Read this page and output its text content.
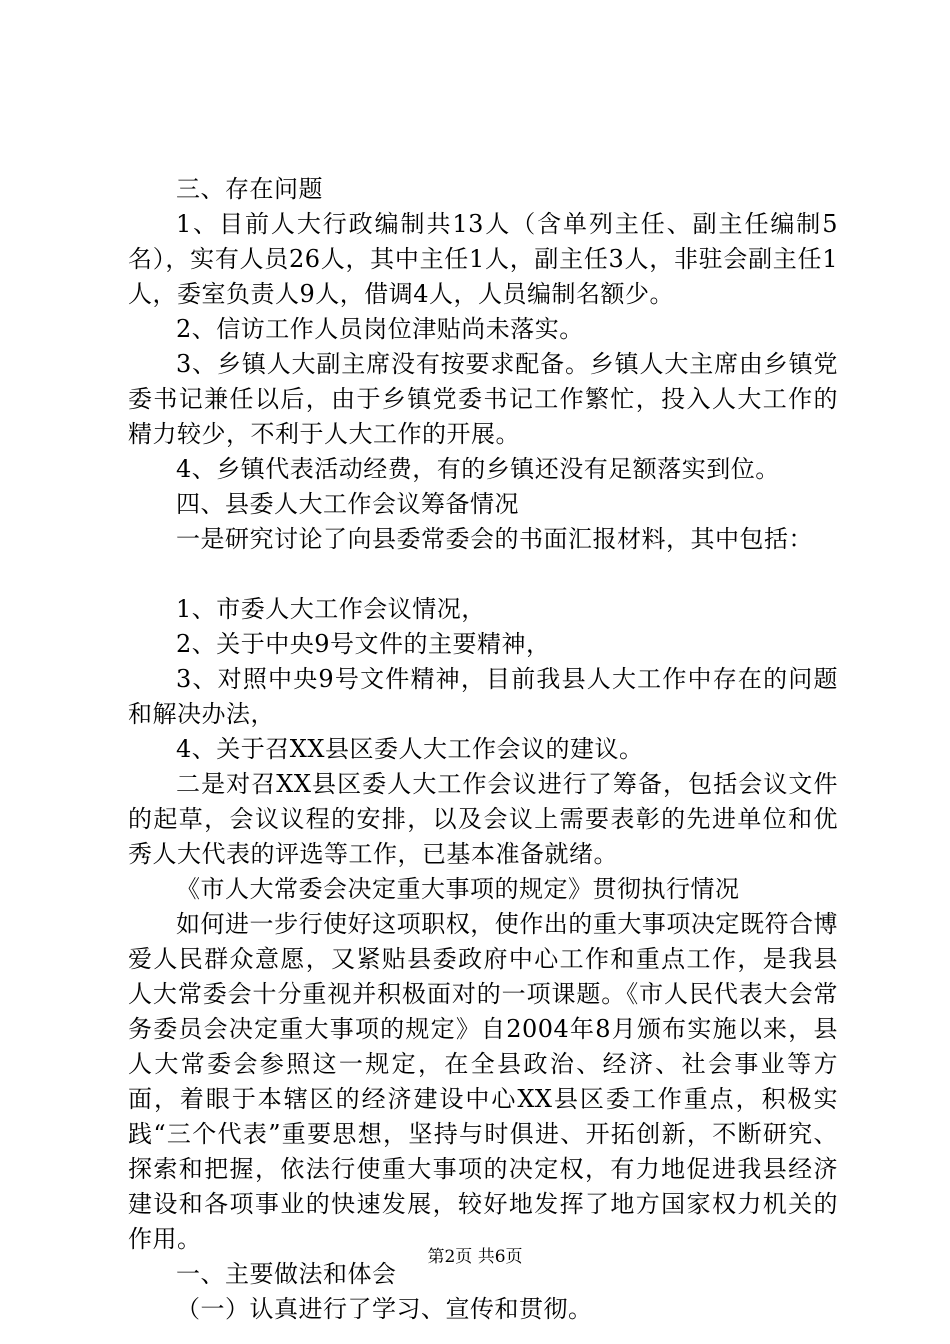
三、存在问题

1、目前人大行政编制共13人（含单列主任、副主任编制5名），实有人员26人，其中主任1人，副主任3人，非驻会副主任1人，委室负责人9人，借调4人，人员编制名额少。

2、信访工作人员岗位津贴尚未落实。

3、乡镇人大副主席没有按要求配备。乡镇人大主席由乡镇党委书记兼任以后，由于乡镇党委书记工作繁忙，投入人大工作的精力较少，不利于人大工作的开展。

4、乡镇代表活动经费，有的乡镇还没有足额落实到位。

四、县委人大工作会议筹备情况

一是研究讨论了向县委常委会的书面汇报材料，其中包括：

1、市委人大工作会议情况，

2、关于中央9号文件的主要精神，

3、对照中央9号文件精神，目前我县人大工作中存在的问题和解决办法，

4、关于召XX县区委人大工作会议的建议。

二是对召XX县区委人大工作会议进行了筹备，包括会议文件的起草，会议议程的安排，以及会议上需要表彰的先进单位和优秀人大代表的评选等工作，已基本准备就绪。

《市人大常委会决定重大事项的规定》贯彻执行情况

如何进一步行使好这项职权，使作出的重大事项决定既符合博爱人民群众意愿，又紧贴县委政府中心工作和重点工作，是我县人大常委会十分重视并积极面对的一项课题。《市人民代表大会常务委员会决定重大事项的规定》自2004年8月颁布实施以来，县人大常委会参照这一规定，在全县政治、经济、社会事业等方面，着眼于本辖区的经济建设中心XX县区委工作重点，积极实践“三个代表”重要思想，坚持与时俱进、开拓创新，不断研究、探索和把握，依法行使重大事项的决定权，有力地促进我县经济建设和各项事业的快速发展，较好地发挥了地方国家权力机关的作用。

一、主要做法和体会

（一）认真进行了学习、宣传和贯彻。

第2页 共6页
